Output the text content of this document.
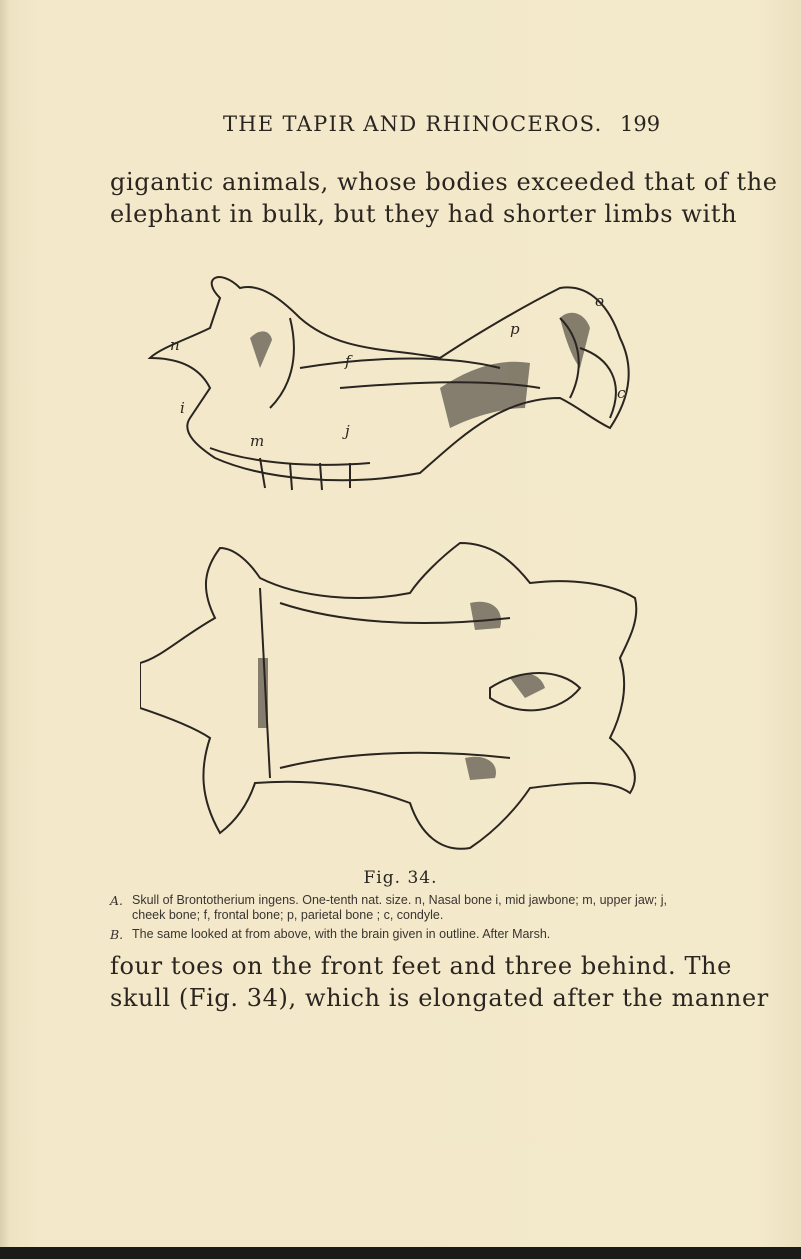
THE TAPIR AND RHINOCEROS. 199
gigantic animals, whose bodies exceeded that of the
elephant in bulk, but they had shorter limbs with
n
i
m
f
j
p
o
c
Fig. 34.
A. Skull of Brontotherium ingens. One-tenth nat. size. n, Nasal bone i, mid jawbone; m, upper jaw; j, cheek bone; f, frontal bone; p, parietal bone ; c, condyle.
B. The same looked at from above, with the brain given in outline. After Marsh.
four toes on the front feet and three behind. The
skull (Fig. 34), which is elongated after the manner
